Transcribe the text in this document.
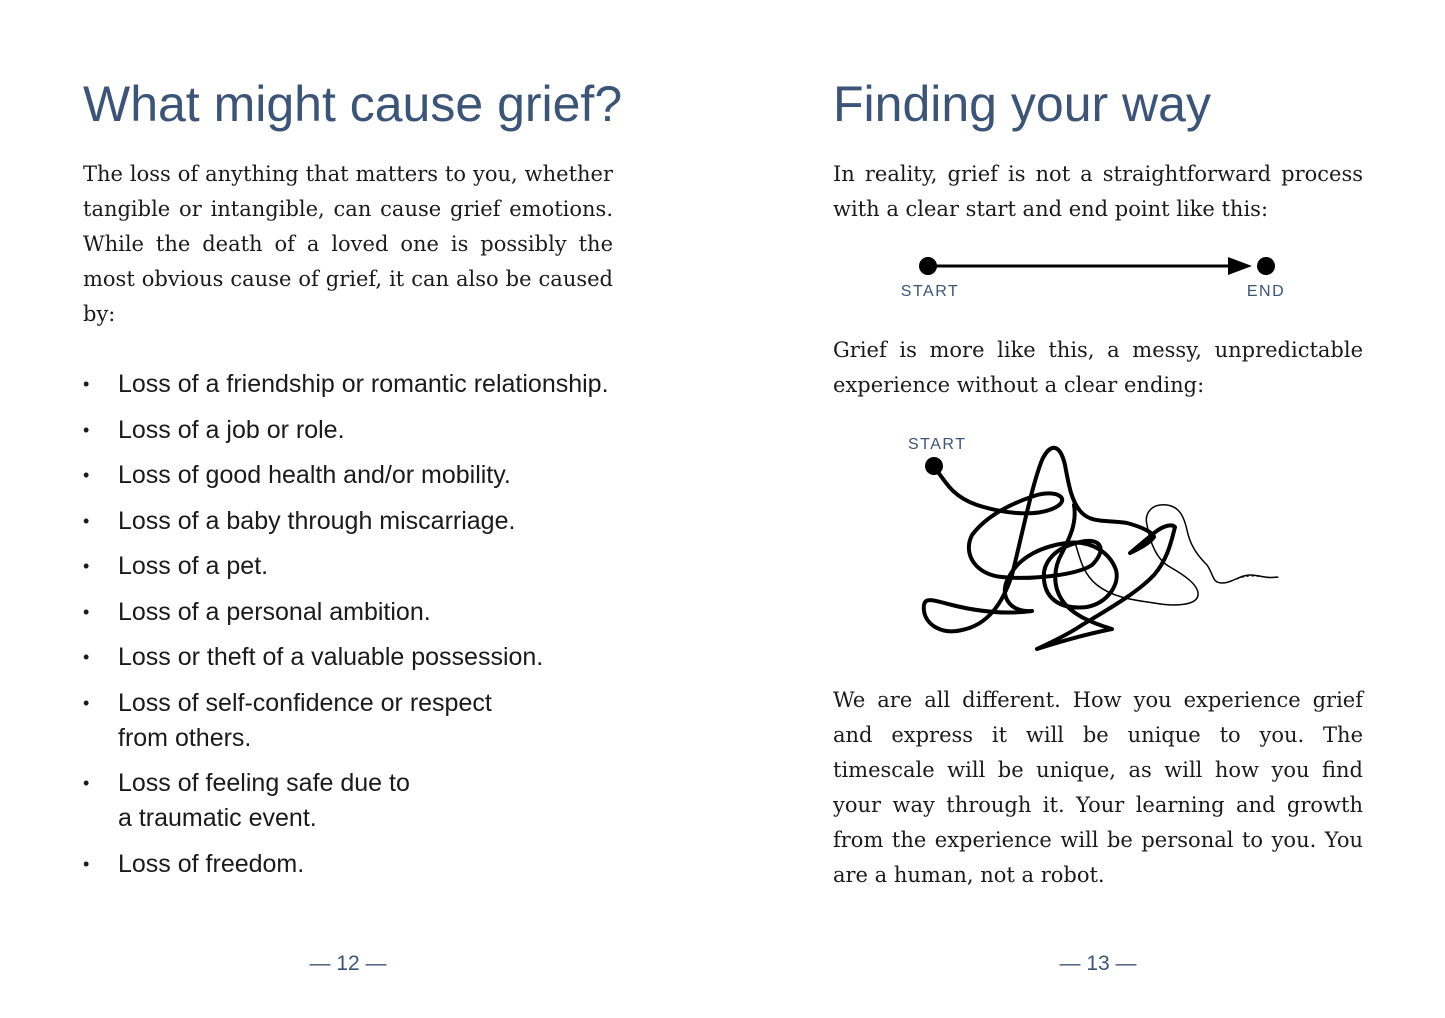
What might cause grief?

The loss of anything that matters to you, whether tangible or intangible, can cause grief emotions. While the death of a loved one is possibly the most obvious cause of grief, it can also be caused by:

• Loss of a friendship or romantic relationship.
• Loss of a job or role.
• Loss of good health and/or mobility.
• Loss of a baby through miscarriage.
• Loss of a pet.
• Loss of a personal ambition.
• Loss or theft of a valuable possession.
• Loss of self-confidence or respect from others.
• Loss of feeling safe due to a traumatic event.
• Loss of freedom.
— 12 —
Finding your way

In reality, grief is not a straightforward process with a clear start and end point like this:

START	END

Grief is more like this, a messy, unpredictable experience without a clear ending:

START

We are all different. How you experience grief and express it will be unique to you. The timescale will be unique, as will how you find your way through it. Your learning and growth from the experience will be personal to you. You are a human, not a robot.

— 13 —
